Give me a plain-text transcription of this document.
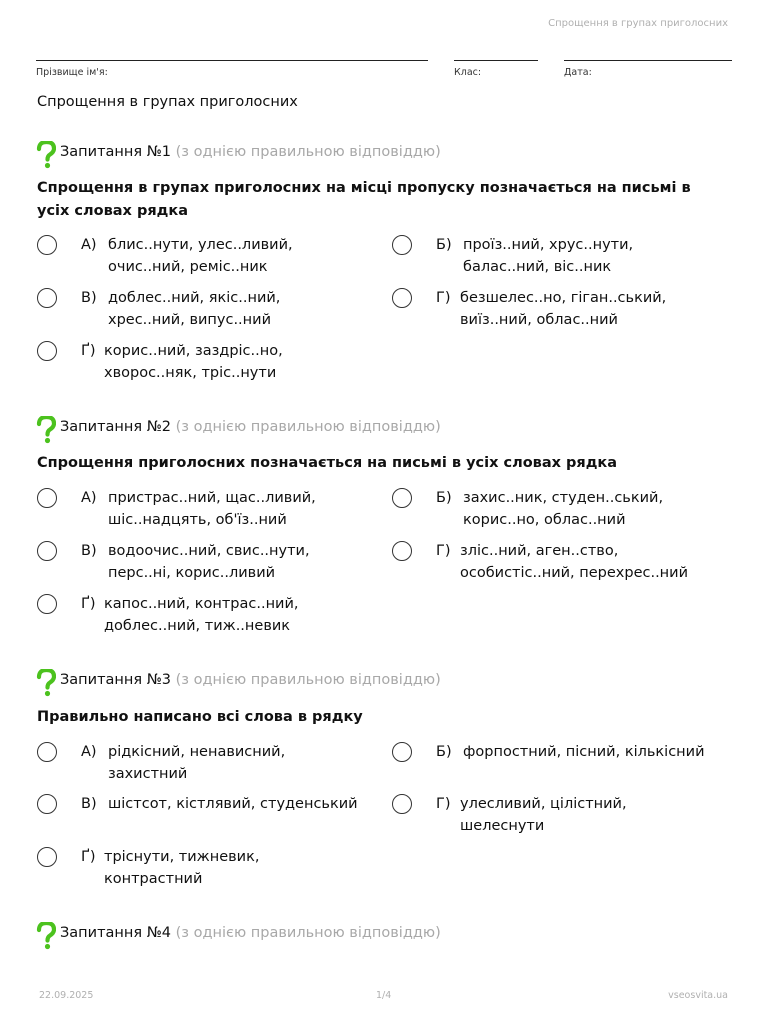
Спрощення в групах приголосних
Прізвище ім'я:	Клас:	Дата:
Спрощення в групах приголосних
Запитання №1 (з однією правильною відповіддю)
Спрощення в групах приголосних на місці пропуску позначається на письмі в усіх словах рядка
А) блис..нути, улес..ливий,
очис..ний, реміс..ник
Б) проїз..ний, хрус..нути,
балас..ний, віс..ник
В) доблес..ний, якіс..ний,
хрес..ний, випус..ний
Г) безшелес..но, гіган..ський,
виїз..ний, облас..ний
Ґ) корис..ний, заздріс..но,
хворос..няк, тріс..нути
Запитання №2 (з однією правильною відповіддю)
Спрощення приголосних позначається на письмі в усіх словах рядка
А) пристрас..ний, щас..ливий,
шіс..надцять, об'їз..ний
Б) захис..ник, студен..ський,
корис..но, облас..ний
В) водоочис..ний, свис..нути,
перс..ні, корис..ливий
Г) зліс..ний, аген..ство,
особистіс..ний, перехрес..ний
Ґ) капос..ний, контрас..ний,
доблес..ний, тиж..невик
Запитання №3 (з однією правильною відповіддю)
Правильно написано всі слова в рядку
А) рідкісний, ненависний,
захистний
Б) форпостний, пісний, кількісний
В) шістсот, кістлявий, студенський	Г) улесливий, цілістний,
шелеснути
Ґ) тріснути, тижневик,
контрастний
Запитання №4 (з однією правильною відповіддю)
22.09.2025	1/4	vseosvita.ua
